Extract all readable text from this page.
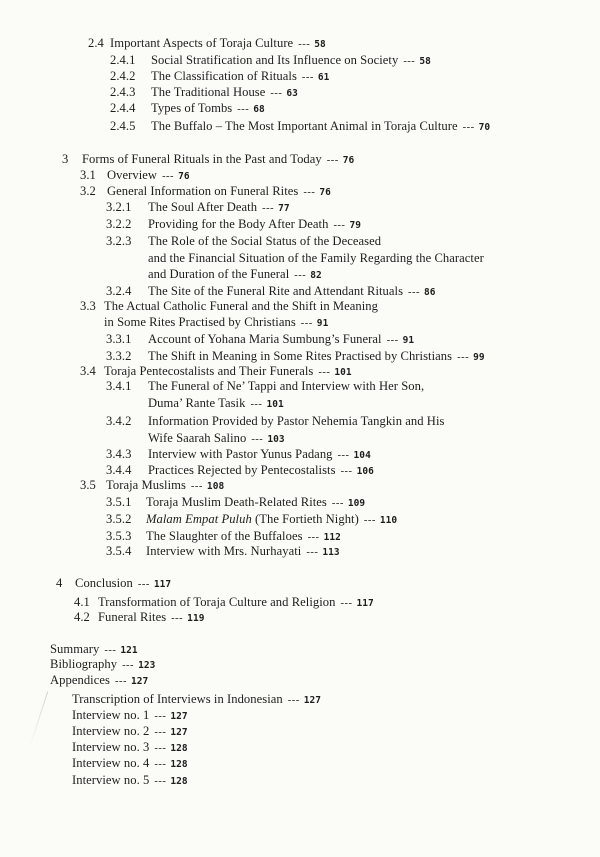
2.4 Important Aspects of Toraja Culture --- 58
2.4.1 Social Stratification and Its Influence on Society --- 58
2.4.2 The Classification of Rituals --- 61
2.4.3 The Traditional House --- 63
2.4.4 Types of Tombs --- 68
2.4.5 The Buffalo – The Most Important Animal in Toraja Culture --- 70
3 Forms of Funeral Rituals in the Past and Today --- 76
3.1 Overview --- 76
3.2 General Information on Funeral Rites --- 76
3.2.1 The Soul After Death --- 77
3.2.2 Providing for the Body After Death --- 79
3.2.3 The Role of the Social Status of the Deceased
and the Financial Situation of the Family Regarding the Character
and Duration of the Funeral --- 82
3.2.4 The Site of the Funeral Rite and Attendant Rituals --- 86
3.3 The Actual Catholic Funeral and the Shift in Meaning
in Some Rites Practised by Christians --- 91
3.3.1 Account of Yohana Maria Sumbung’s Funeral --- 91
3.3.2 The Shift in Meaning in Some Rites Practised by Christians --- 99
3.4 Toraja Pentecostalists and Their Funerals --- 101
3.4.1 The Funeral of Ne’ Tappi and Interview with Her Son,
Duma’ Rante Tasik --- 101
3.4.2 Information Provided by Pastor Nehemia Tangkin and His
Wife Saarah Salino --- 103
3.4.3 Interview with Pastor Yunus Padang --- 104
3.4.4 Practices Rejected by Pentecostalists --- 106
3.5 Toraja Muslims --- 108
3.5.1 Toraja Muslim Death-Related Rites --- 109
3.5.2 Malam Empat Puluh (The Fortieth Night) --- 110
3.5.3 The Slaughter of the Buffaloes --- 112
3.5.4 Interview with Mrs. Nurhayati --- 113
4 Conclusion --- 117
4.1 Transformation of Toraja Culture and Religion --- 117
4.2 Funeral Rites --- 119
Summary --- 121
Bibliography --- 123
Appendices --- 127
Transcription of Interviews in Indonesian --- 127
Interview no. 1 --- 127
Interview no. 2 --- 127
Interview no. 3 --- 128
Interview no. 4 --- 128
Interview no. 5 --- 128
